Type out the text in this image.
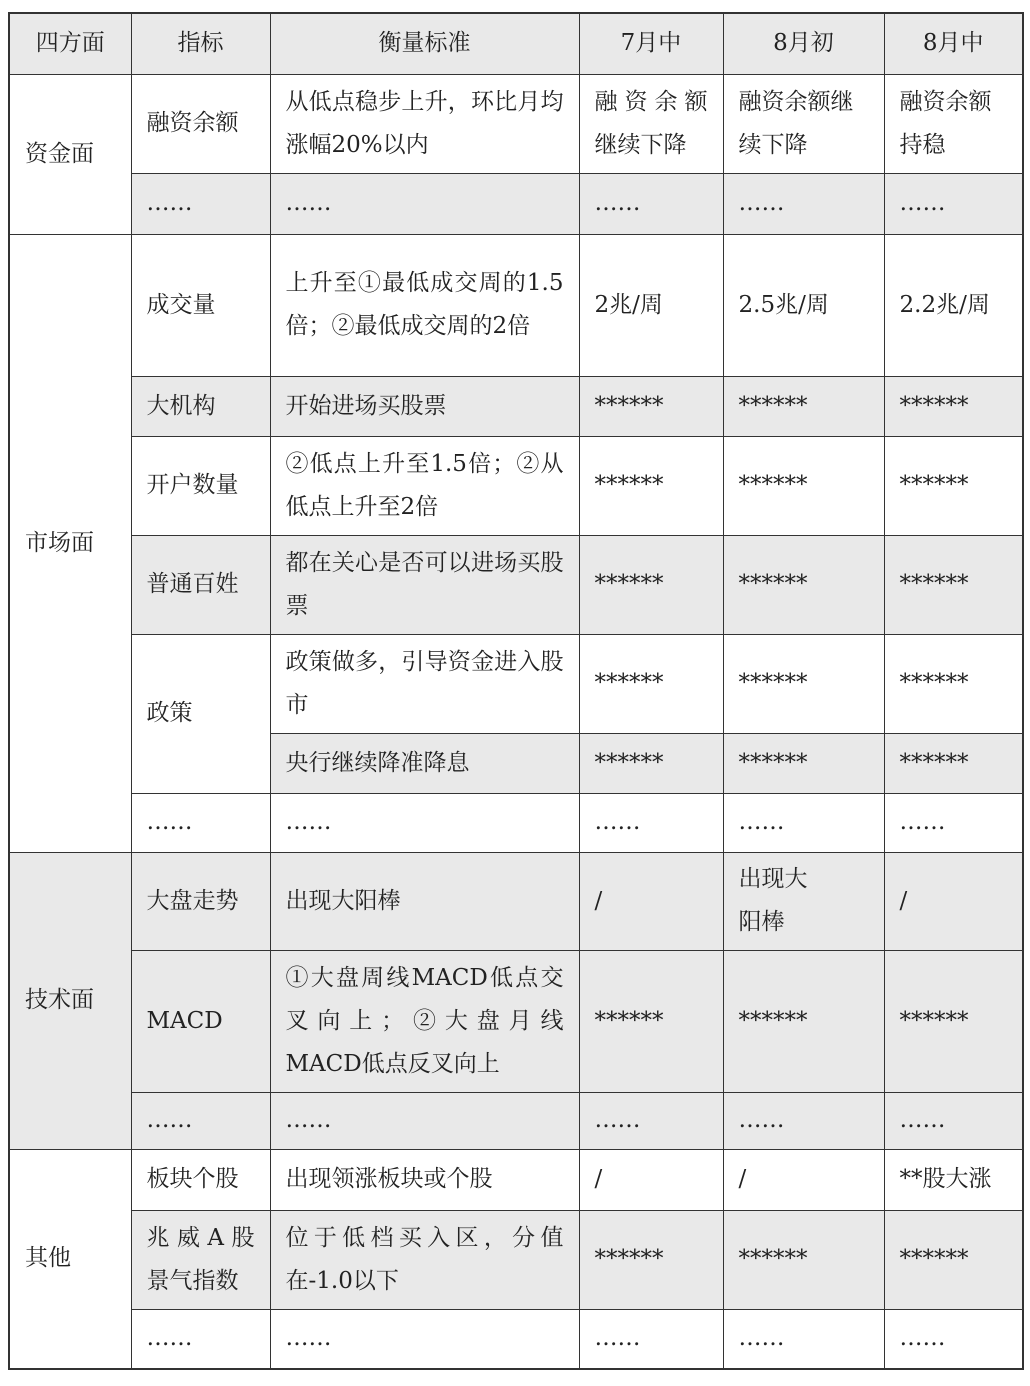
四方面	指标	衡量标准	7月中	8月初	8月中
资金面	融资余额	从低点稳步上升，环比月均涨幅20%以内	融资余额继续下降	融资余额继续下降	融资余额持稳
	……	……	……	……	……
市场面	成交量	上升至①最低成交周的1.5倍；②最低成交周的2倍	2兆/周	2.5兆/周	2.2兆/周
	大机构	开始进场买股票	******	******	******
	开户数量	②低点上升至1.5倍；②从低点上升至2倍	******	******	******
	普通百姓	都在关心是否可以进场买股票	******	******	******
	政策	政策做多，引导资金进入股市	******	******	******
		央行继续降准降息	******	******	******
	……	……	……	……	……
技术面	大盘走势	出现大阳棒	/	出现大阳棒	/
	MACD	①大盘周线MACD低点交叉向上；②大盘月线MACD低点反叉向上	******	******	******
	……	……	……	……	……
其他	板块个股	出现领涨板块或个股	/	/	**股大涨
	兆威A股景气指数	位于低档买入区，分值在-1.0以下	******	******	******
	……	……	……	……	……
